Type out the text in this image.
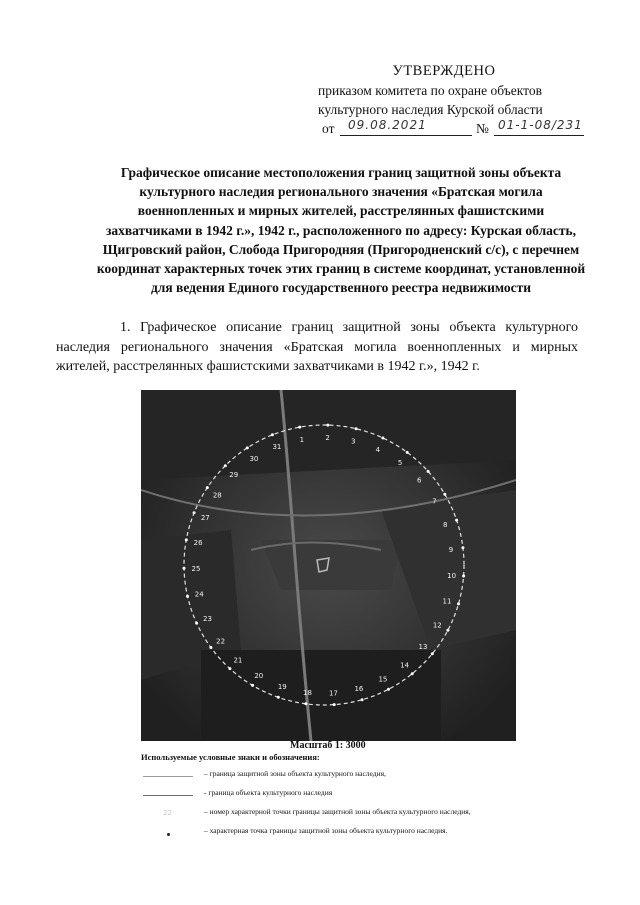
УТВЕРЖДЕНО
приказом комитета по охране объектов
культурного наследия Курской области
от 09.08.2021	№ 01-1-08/231
Графическое описание местоположения границ защитной зоны объекта культурного наследия регионального значения «Братская могила военнопленных и мирных жителей, расстрелянных фашистскими захватчиками в 1942 г.», 1942 г., расположенного по адресу: Курская область, Щигровский район, Слобода Пригородняя (Пригородненский с/с), с перечнем координат характерных точек этих границ в системе координат, установленной для ведения Единого государственного реестра недвижимости
1. Графическое описание границ защитной зоны объекта культурного наследия регионального значения «Братская могила военнопленных и мирных жителей, расстрелянных фашистскими захватчиками в 1942 г.», 1942 г.
1	2	3
4
5
6
7
8
9
10
11
12
13
14
15
16
17
18
19
20
21
22
23
24
25
26
27
28
29
30
31
Масштаб 1: 3000
Используемые условные знаки и обозначения:
– граница защитной зоны объекта культурного наследия,
- граница объекта культурного наследия
22	– номер характерной точки границы защитной зоны объекта культурного наследия,
– характерная точка границы защитной зоны объекта культурного наследия.
